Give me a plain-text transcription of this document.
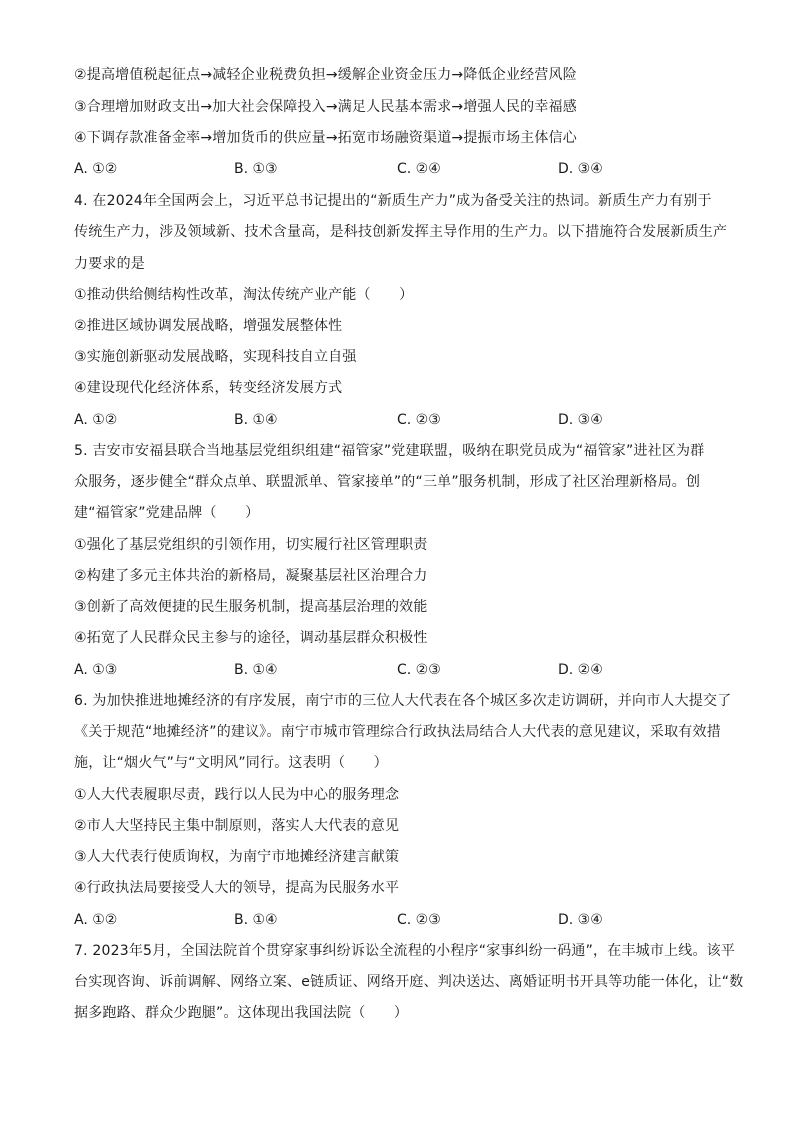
②提高增值税起征点→减轻企业税费负担→缓解企业资金压力→降低企业经营风险
③合理增加财政支出→加大社会保障投入→满足人民基本需求→增强人民的幸福感
④下调存款准备金率→增加货币的供应量→拓宽市场融资渠道→提振市场主体信心
A. ①②	B. ①③	C. ②④	D. ③④
4. 在2024年全国两会上，习近平总书记提出的“新质生产力”成为备受关注的热词。新质生产力有别于
传统生产力，涉及领域新、技术含量高，是科技创新发挥主导作用的生产力。以下措施符合发展新质生产
力要求的是
①推动供给侧结构性改革，淘汰传统产业产能（　　）
②推进区域协调发展战略，增强发展整体性
③实施创新驱动发展战略，实现科技自立自强
④建设现代化经济体系，转变经济发展方式
A. ①②	B. ①④	C. ②③	D. ③④
5. 吉安市安福县联合当地基层党组织组建“福管家”党建联盟，吸纳在职党员成为“福管家”进社区为群
众服务，逐步健全“群众点单、联盟派单、管家接单”的“三单”服务机制，形成了社区治理新格局。创
建“福管家”党建品牌（　　）
①强化了基层党组织的引领作用，切实履行社区管理职责
②构建了多元主体共治的新格局，凝聚基层社区治理合力
③创新了高效便捷的民生服务机制，提高基层治理的效能
④拓宽了人民群众民主参与的途径，调动基层群众积极性
A. ①③	B. ①④	C. ②③	D. ②④
6. 为加快推进地摊经济的有序发展，南宁市的三位人大代表在各个城区多次走访调研，并向市人大提交了
《关于规范“地摊经济”的建议》。南宁市城市管理综合行政执法局结合人大代表的意见建议，采取有效措
施，让“烟火气”与“文明风”同行。这表明（　　）
①人大代表履职尽责，践行以人民为中心的服务理念
②市人大坚持民主集中制原则，落实人大代表的意见
③人大代表行使质询权，为南宁市地摊经济建言献策
④行政执法局要接受人大的领导，提高为民服务水平
A. ①②	B. ①④	C. ②③	D. ③④
7. 2023年5月，全国法院首个贯穿家事纠纷诉讼全流程的小程序“家事纠纷一码通”，在丰城市上线。该平
台实现咨询、诉前调解、网络立案、e链质证、网络开庭、判决送达、离婚证明书开具等功能一体化，让“数
据多跑路、群众少跑腿”。这体现出我国法院（　　）
